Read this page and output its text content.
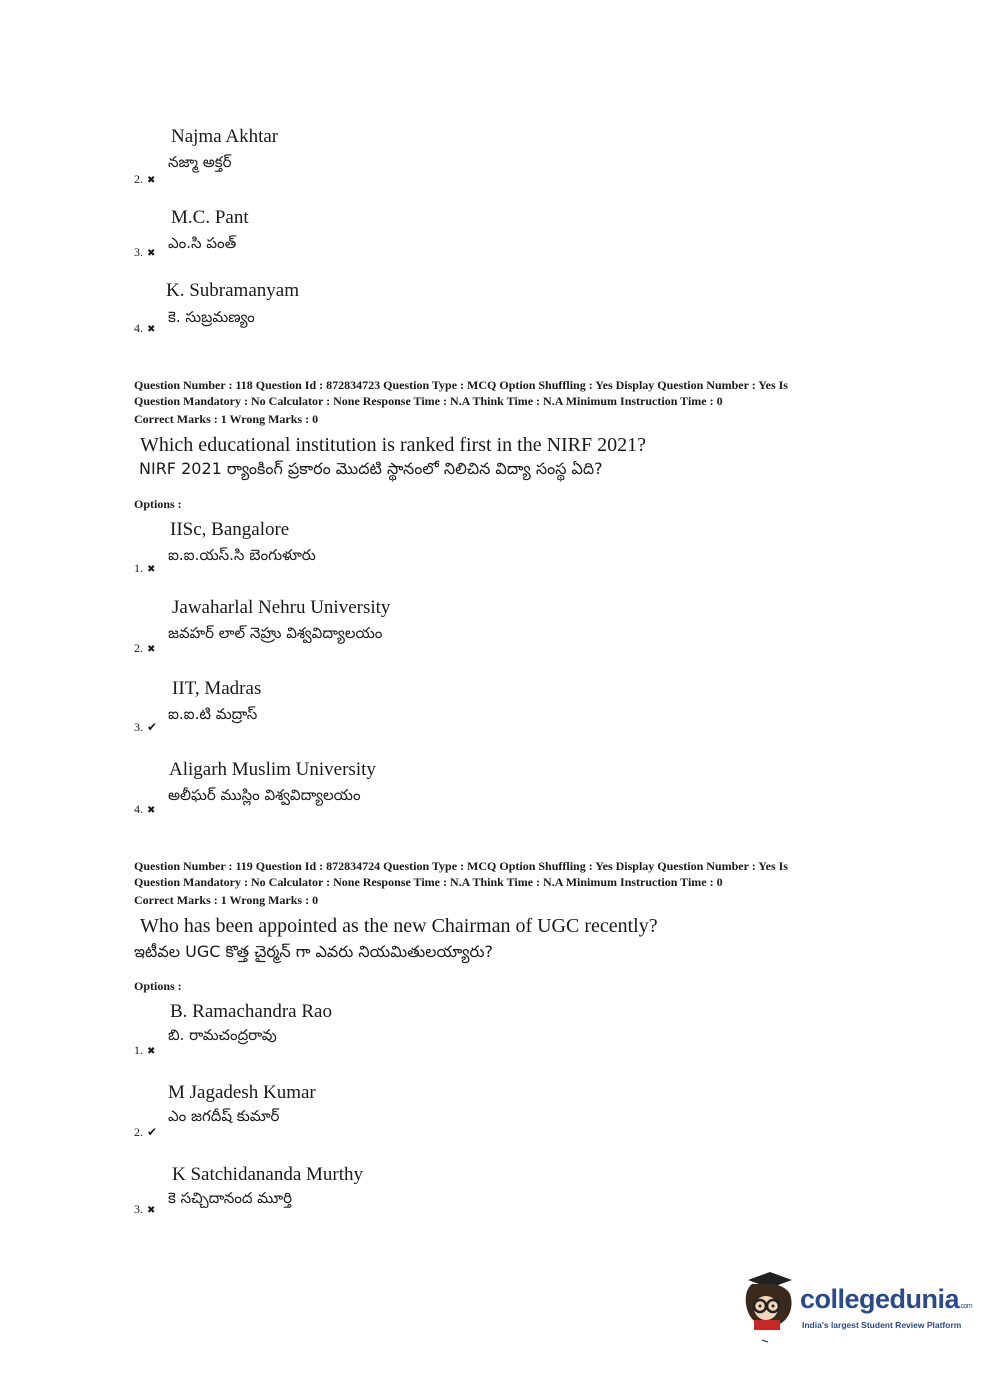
Najma Akhtar
నజ్మా అక్తర్
2. ✖
M.C. Pant
ఎం.సి పంత్
3. ✖
K. Subramanyam
కె. సుబ్రమణ్యం
4. ✖
Question Number : 118 Question Id : 872834723 Question Type : MCQ Option Shuffling : Yes Display Question Number : Yes Is
Question Mandatory : No Calculator : None Response Time : N.A Think Time : N.A Minimum Instruction Time : 0
Correct Marks : 1 Wrong Marks : 0
Which educational institution is ranked first in the NIRF 2021?
NIRF 2021 ర్యాంకింగ్ ప్రకారం మొదటి స్థానంలో నిలిచిన విద్యా సంస్థ ఏది?
Options :
IISc, Bangalore
ఐ.ఐ.యస్.సి బెంగుళూరు
1. ✖
Jawaharlal Nehru University
జవహర్ లాల్ నెహ్రు విశ్వవిద్యాలయం
2. ✖
IIT, Madras
ఐ.ఐ.టి మద్రాస్
3. ✔
Aligarh Muslim University
అలీఘర్ ముస్లిం విశ్వవిద్యాలయం
4. ✖
Question Number : 119 Question Id : 872834724 Question Type : MCQ Option Shuffling : Yes Display Question Number : Yes Is
Question Mandatory : No Calculator : None Response Time : N.A Think Time : N.A Minimum Instruction Time : 0
Correct Marks : 1 Wrong Marks : 0
Who has been appointed as the new Chairman of UGC recently?
ఇటీవల UGC కొత్త చైర్మన్ గా ఎవరు నియమితులయ్యారు?
Options :
B. Ramachandra Rao
బి. రామచంద్రరావు
1. ✖
M Jagadesh Kumar
ఎం జగదీష్ కుమార్
2. ✔
K Satchidananda Murthy
కె సచ్చిదానంద మూర్తి
3. ✖
collegedunia.com
India's largest Student Review Platform
